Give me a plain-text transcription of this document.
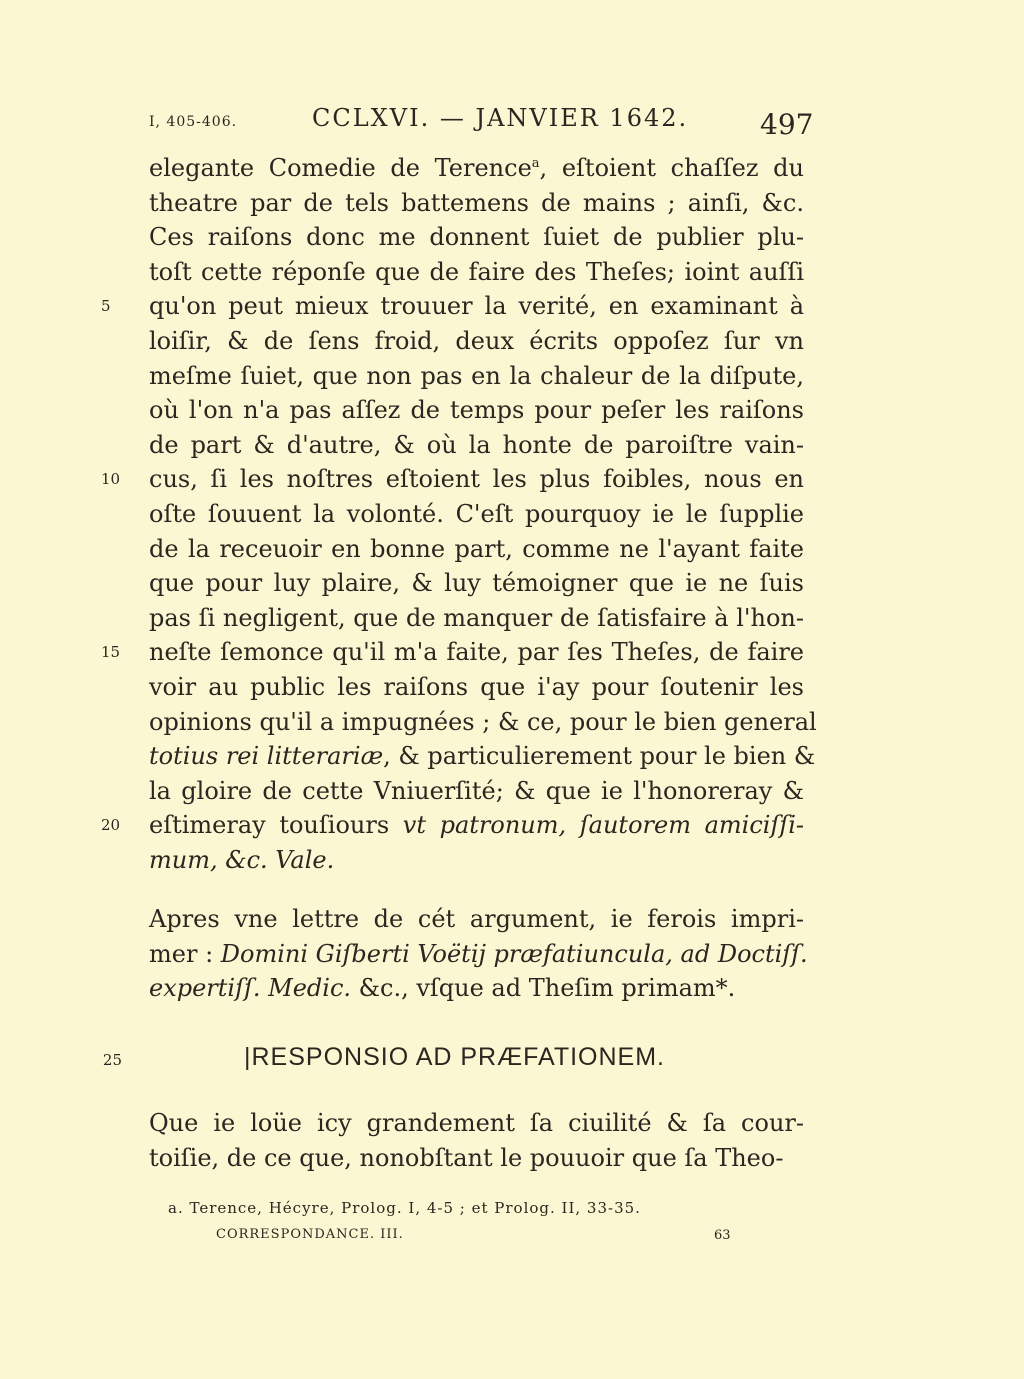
I, 405-406.	CCLXVI. — JANVIER 1642.	497
elegante Comedie de Terence$^a$, eſtoient chaſſez du
theatre par de tels battemens de mains ; ainſi, &c.
Ces raiſons donc me donnent ſuiet de publier plu-
toſt cette réponſe que de faire des Theſes; ioint auſſi
5	qu'on peut mieux trouuer la verité, en examinant à
loiſir, & de ſens froid, deux écrits oppoſez ſur vn
meſme ſuiet, que non pas en la chaleur de la diſpute,
où l'on n'a pas aſſez de temps pour peſer les raiſons
de part & d'autre, & où la honte de paroiſtre vain-
10	cus, ſi les noſtres eſtoient les plus foibles, nous en
oſte ſouuent la volonté. C'eſt pourquoy ie le ſupplie
de la receuoir en bonne part, comme ne l'ayant faite
que pour luy plaire, & luy témoigner que ie ne ſuis
pas ſi negligent, que de manquer de ſatisfaire à l'hon-
15	neſte ſemonce qu'il m'a faite, par ſes Theſes, de faire
voir au public les raiſons que i'ay pour ſoutenir les
opinions qu'il a impugnées ; & ce, pour le bien general
totius rei litterariæ, & particulierement pour le bien &
la gloire de cette Vniuerſité; & que ie l'honoreray &
20	eſtimeray touſiours vt patronum, ſautorem amiciſſi-
mum, &c. Vale.
Apres vne lettre de cét argument, ie ferois impri-
mer : Domini Giſberti Voëtij præfatiuncula, ad Doctiſſ.
expertiſſ. Medic. &c., vſque ad Theſim primam*.
25	|RESPONSIO AD PRÆFATIONEM.
Que ie loüe icy grandement ſa ciuilité & ſa cour-
toiſie, de ce que, nonobſtant le pouuoir que ſa Theo-
a. Terence, Hécyre, Prolog. I, 4-5 ; et Prolog. II, 33-35.
CORRESPONDANCE. III.	63
